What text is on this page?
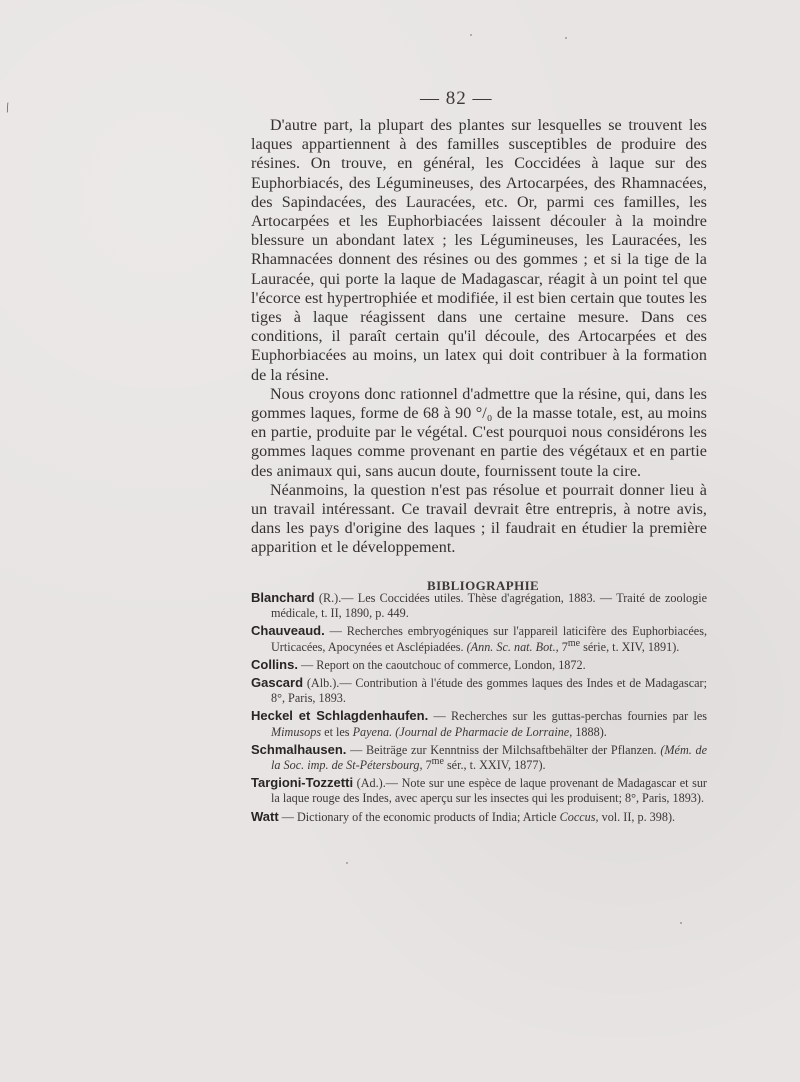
/	— 82 —

D'autre part, la plupart des plantes sur lesquelles se trouvent les laques appartiennent à des familles susceptibles de produire des résines. On trouve, en général, les Coccidées à laque sur des Euphorbiacés, des Légumineuses, des Artocarpées, des Rhamnacées, des Sapindacées, des Lauracées, etc. Or, parmi ces familles, les Artocarpées et les Euphorbiacées laissent découler à la moindre blessure un abondant latex ; les Légumineuses, les Lauracées, les Rhamnacées donnent des résines ou des gommes ; et si la tige de la Lauracée, qui porte la laque de Madagascar, réagit à un point tel que l'écorce est hypertrophiée et modifiée, il est bien certain que toutes les tiges à laque réagissent dans une certaine mesure. Dans ces conditions, il paraît certain qu'il découle, des Artocarpées et des Euphorbiacées au moins, un latex qui doit contribuer à la formation de la résine.

Nous croyons donc rationnel d'admettre que la résine, qui, dans les gommes laques, forme de 68 à 90 °/₀ de la masse totale, est, au moins en partie, produite par le végétal. C'est pourquoi nous considérons les gommes laques comme provenant en partie des végétaux et en partie des animaux qui, sans aucun doute, fournissent toute la cire.

Néanmoins, la question n'est pas résolue et pourrait donner lieu à un travail intéressant. Ce travail devrait être entrepris, à notre avis, dans les pays d'origine des laques ; il faudrait en étudier la première apparition et le développement.

BIBLIOGRAPHIE

Blanchard (R.).— Les Coccidées utiles. Thèse d'agrégation, 1883. — Traité de zoologie médicale, t. II, 1890, p. 449.

Chauveaud. — Recherches embryogéniques sur l'appareil laticifère des Euphorbiacées, Urticacées, Apocynées et Asclépiadées. (Ann. Sc. nat. Bot., 7$^{me}$ série, t. XIV, 1891).

Collins. — Report on the caoutchouc of commerce, London, 1872.

Gascard (Alb.).— Contribution à l'étude des gommes laques des Indes et de Madagascar; 8°, Paris, 1893.

Heckel et Schlagdenhaufen. — Recherches sur les guttas-perchas fournies par les Mimusops et les Payena. (Journal de Pharmacie de Lorraine, 1888).

Schmalhausen. — Beiträge zur Kenntniss der Milchsaftbehälter der Pflanzen. (Mém. de la Soc. imp. de St-Pétersbourg, 7$^{me}$ sér., t. XXIV, 1877).

Targioni-Tozzetti (Ad.).— Note sur une espèce de laque provenant de Madagascar et sur la laque rouge des Indes, avec aperçu sur les insectes qui les produisent; 8°, Paris, 1893).

Watt — Dictionary of the economic products of India; Article Coccus, vol. II, p. 398).
